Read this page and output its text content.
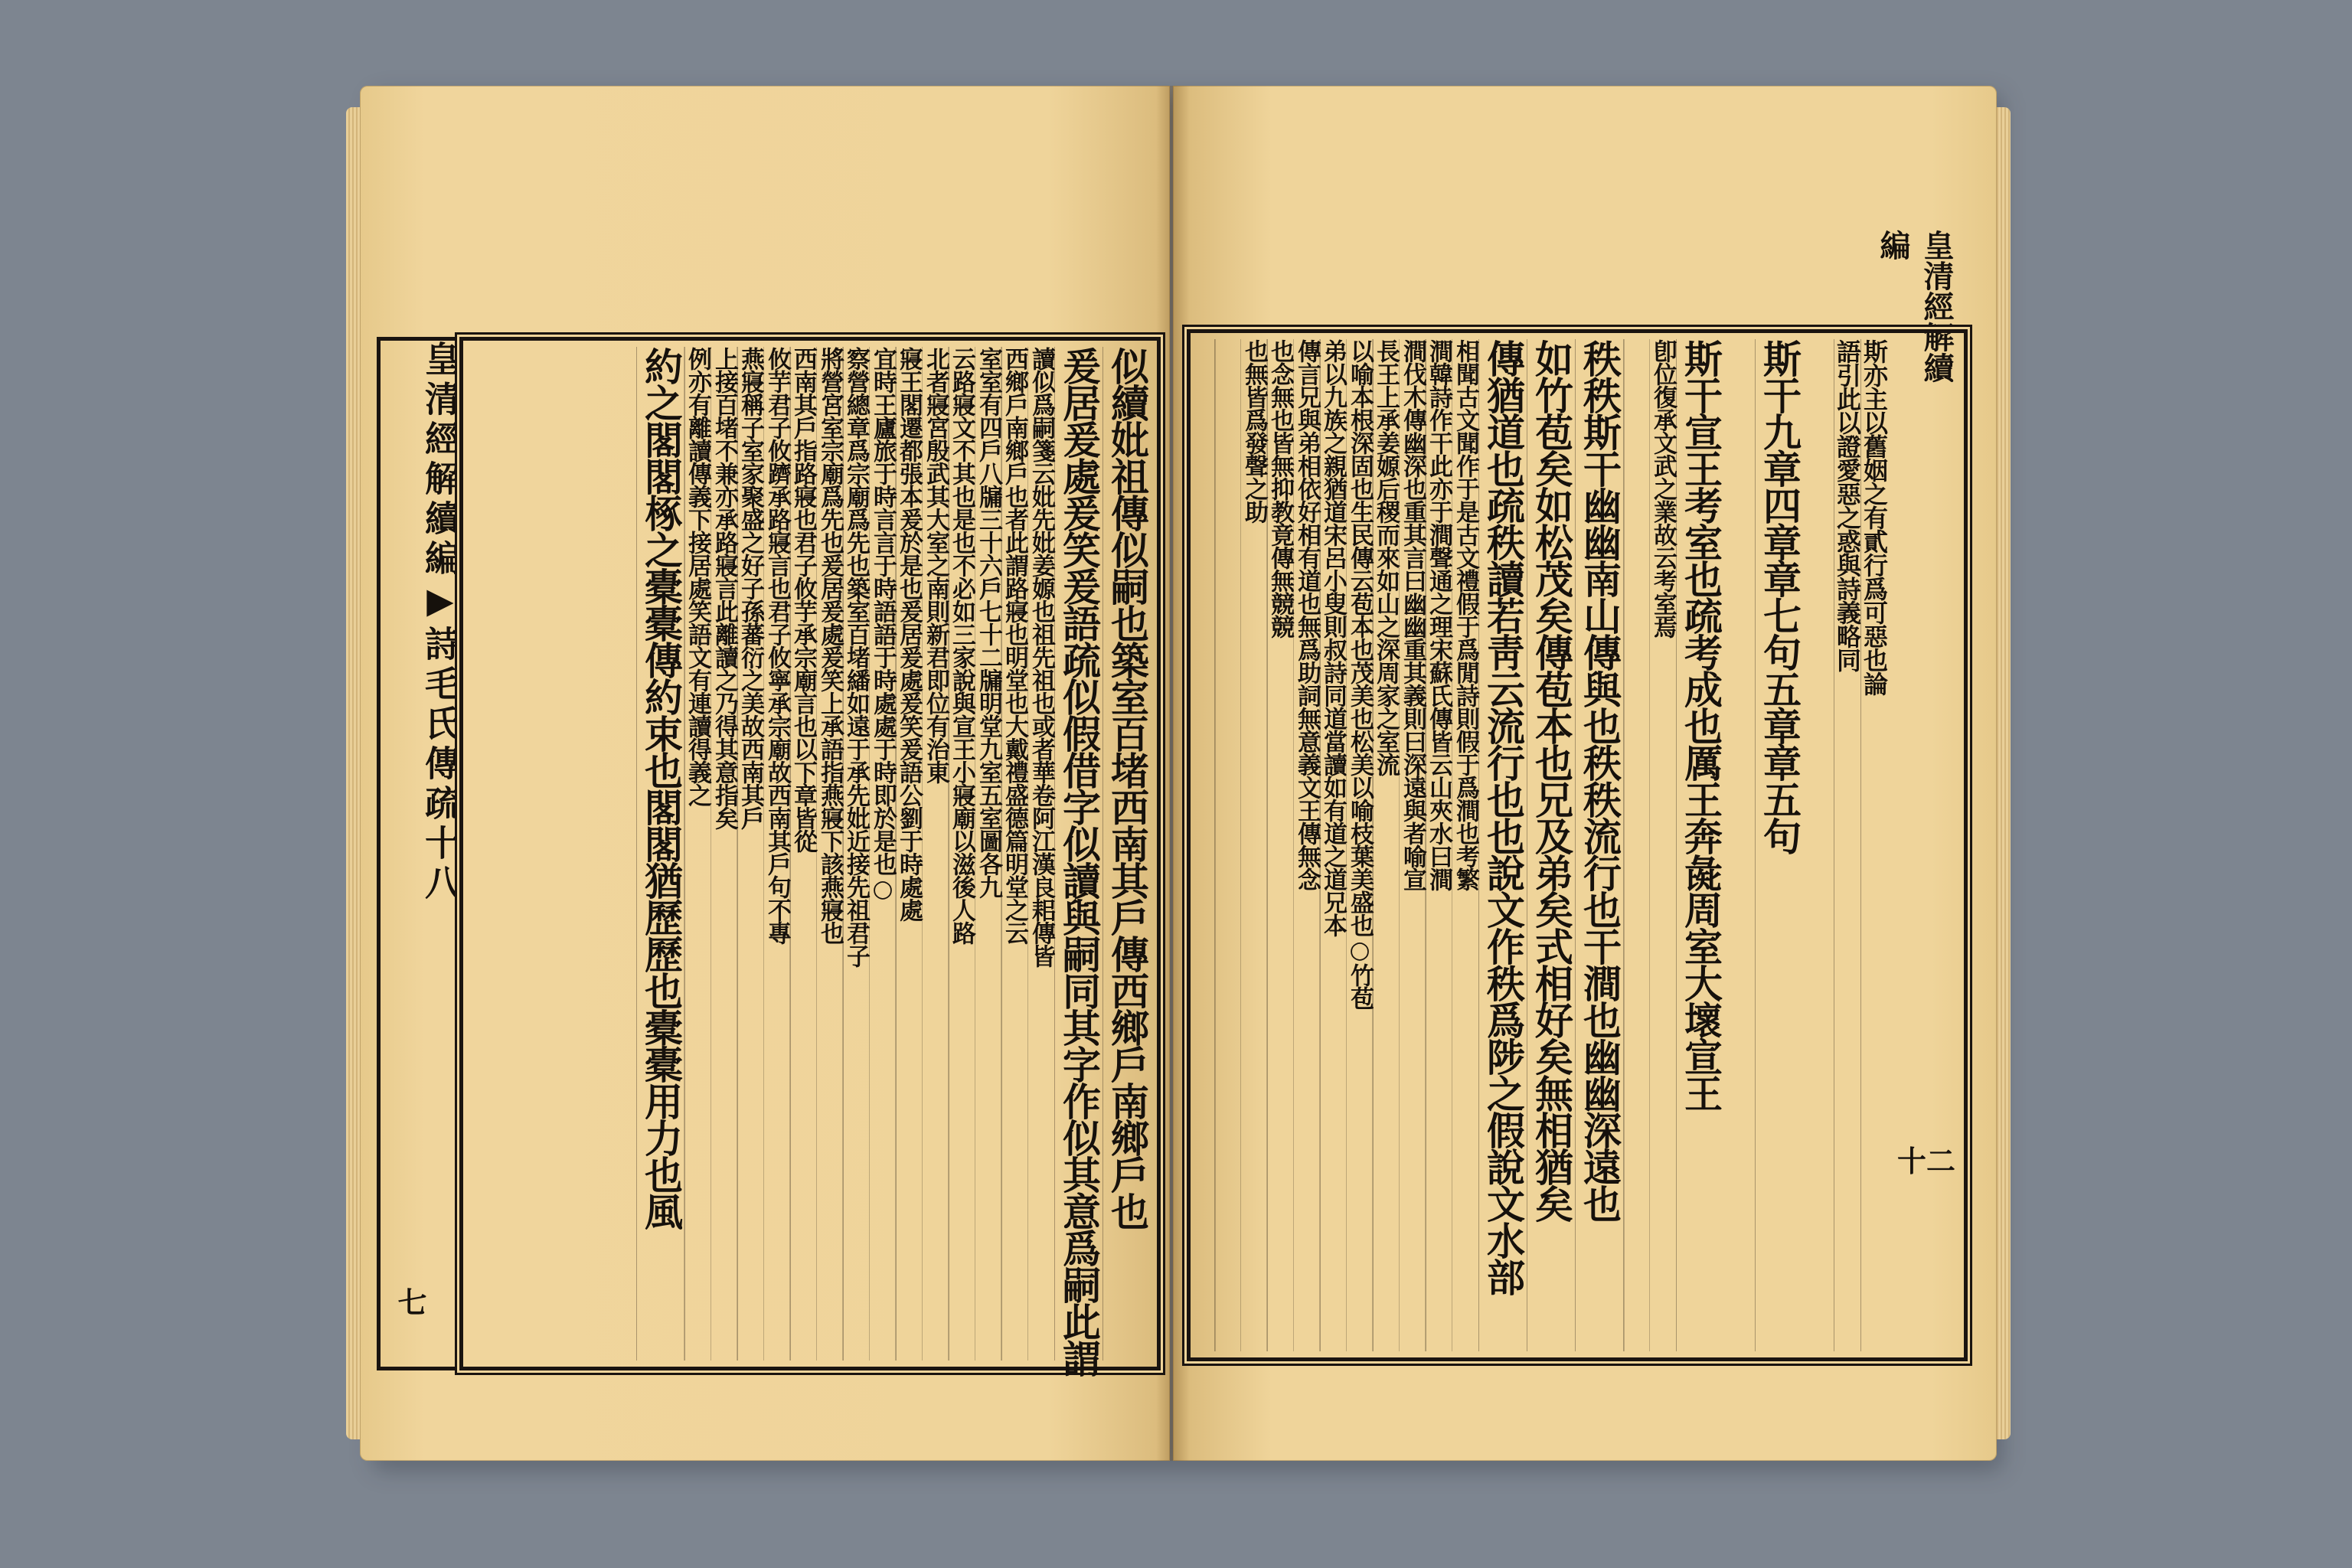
皇清經解續編▶詩毛氏傳疏十八
七
似續妣祖傳似嗣也築室百堵西南其戶傳西鄉戶南鄉戶也
爰居爰處爰笑爰語疏似假借字似讀與嗣同其字作似其意爲嗣此謂
讀似爲嗣箋云妣先妣姜嫄也祖先祖也或者華卷阿江漢良耜傳皆
西鄉戶南鄉戶也者此謂路寢也明堂也大戴禮盛德篇明堂之云
室室有四戶八牖三十六戶七十二牖明堂九室五室圖各九
云路寢文不其也是也不必如三家說與宣王小寢廟以滋後人路
北者寢宮殷武其大室之南則新君即位有治東
寢王閣遷都張本爰於是也爰居爰處爰笑爰語公劉于時處處
宜時王廬旅于時言言于時語語于時處處于時即於是也○
察營總章爲宗廟爲先也築室百堵繙如遠于承先妣近接先祖君子
將營宮室宗廟爲先也爰居爰處爰笑上承語指燕寢下該燕寢也
西南其戶指路寢也君子攸芋承宗廟言也以下章皆從
攸芋君子攸躋承路寢言也君子攸寧承宗廟故西南其戶句不專
燕寢稱子室家聚盛之好子孫蕃衍之美故西南其戶
上接百堵不兼亦承路寢言此離讀之乃得其意指矣
例亦有離讀傳義下接居處笑語文有連讀得義之
約之閣閣椓之橐橐傳約束也閣閣猶歷歷也橐橐用力也風
皇清經解續編
斯亦主以舊姻之有貳行爲可惡也論
語引此以證愛惡之惑與詩義略同
斯干九章四章章七句五章章五句
斯干宣王考室也疏考成也厲王奔彘周室大壞宣王
卽位復承文武之業故云考室焉
秩秩斯干幽幽南山傳與也秩秩流行也干澗也幽幽深遠也
如竹苞矣如松茂矣傳苞本也兄及弟矣式相好矣無相猶矣
傳猶道也疏秩讀若靑云流行也也說文作秩爲陟之假說文水部
相聞古文聞作于是古文禮假于爲閒詩則假于爲澗也考繁
澗韓詩作干此亦于澗聲通之理宋蘇氏傳皆云山夾水曰澗
澗伐木傳幽深也重其言曰幽幽重其義則曰深遠與者喻宣
長王上承姜嫄后稷而來如山之深周家之室流
以喻本根深固也生民傳云苞本也茂美也松美以喻枝葉美盛也○竹苞
弟以九族之親猶道宋呂小叟則叔詩同道當讀如有道之道兄本
傳言兄與弟相依好相有道也無爲助詞無意義文王傳無念
也念無也皆無抑教竟傳無競競
也無皆爲發聲之助
十二
